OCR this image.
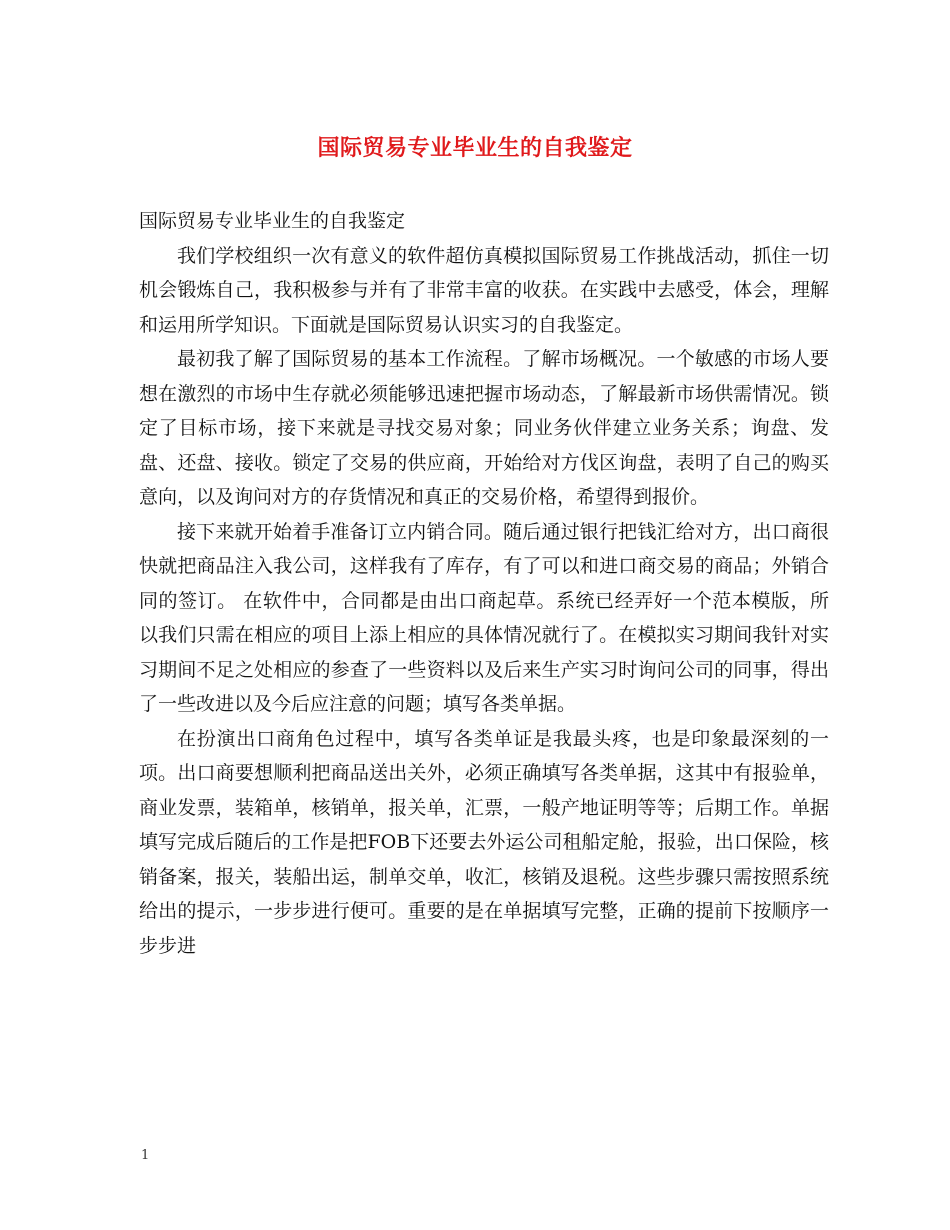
国际贸易专业毕业生的自我鉴定

国际贸易专业毕业生的自我鉴定

我们学校组织一次有意义的软件超仿真模拟国际贸易工作挑战活动，抓住一切机会锻炼自己，我积极参与并有了非常丰富的收获。在实践中去感受，体会，理解和运用所学知识。下面就是国际贸易认识实习的自我鉴定。

最初我了解了国际贸易的基本工作流程。了解市场概况。一个敏感的市场人要想在激烈的市场中生存就必须能够迅速把握市场动态，了解最新市场供需情况。锁定了目标市场，接下来就是寻找交易对象；同业务伙伴建立业务关系；询盘、发盘、还盘、接收。锁定了交易的供应商，开始给对方伐区询盘，表明了自己的购买意向，以及询问对方的存货情况和真正的交易价格，希望得到报价。

接下来就开始着手准备订立内销合同。随后通过银行把钱汇给对方，出口商很快就把商品注入我公司，这样我有了库存，有了可以和进口商交易的商品；外销合同的签订。 在软件中，合同都是由出口商起草。系统已经弄好一个范本模版，所以我们只需在相应的项目上添上相应的具体情况就行了。在模拟实习期间我针对实习期间不足之处相应的参查了一些资料以及后来生产实习时询问公司的同事，得出了一些改进以及今后应注意的问题；填写各类单据。

在扮演出口商角色过程中，填写各类单证是我最头疼，也是印象最深刻的一项。出口商要想顺利把商品送出关外，必须正确填写各类单据，这其中有报验单，商业发票，装箱单，核销单，报关单，汇票，一般产地证明等等；后期工作。单据填写完成后随后的工作是把FOB下还要去外运公司租船定舱，报验，出口保险，核销备案，报关，装船出运，制单交单，收汇，核销及退税。这些步骤只需按照系统给出的提示，一步步进行便可。重要的是在单据填写完整，正确的提前下按顺序一步步进

1
